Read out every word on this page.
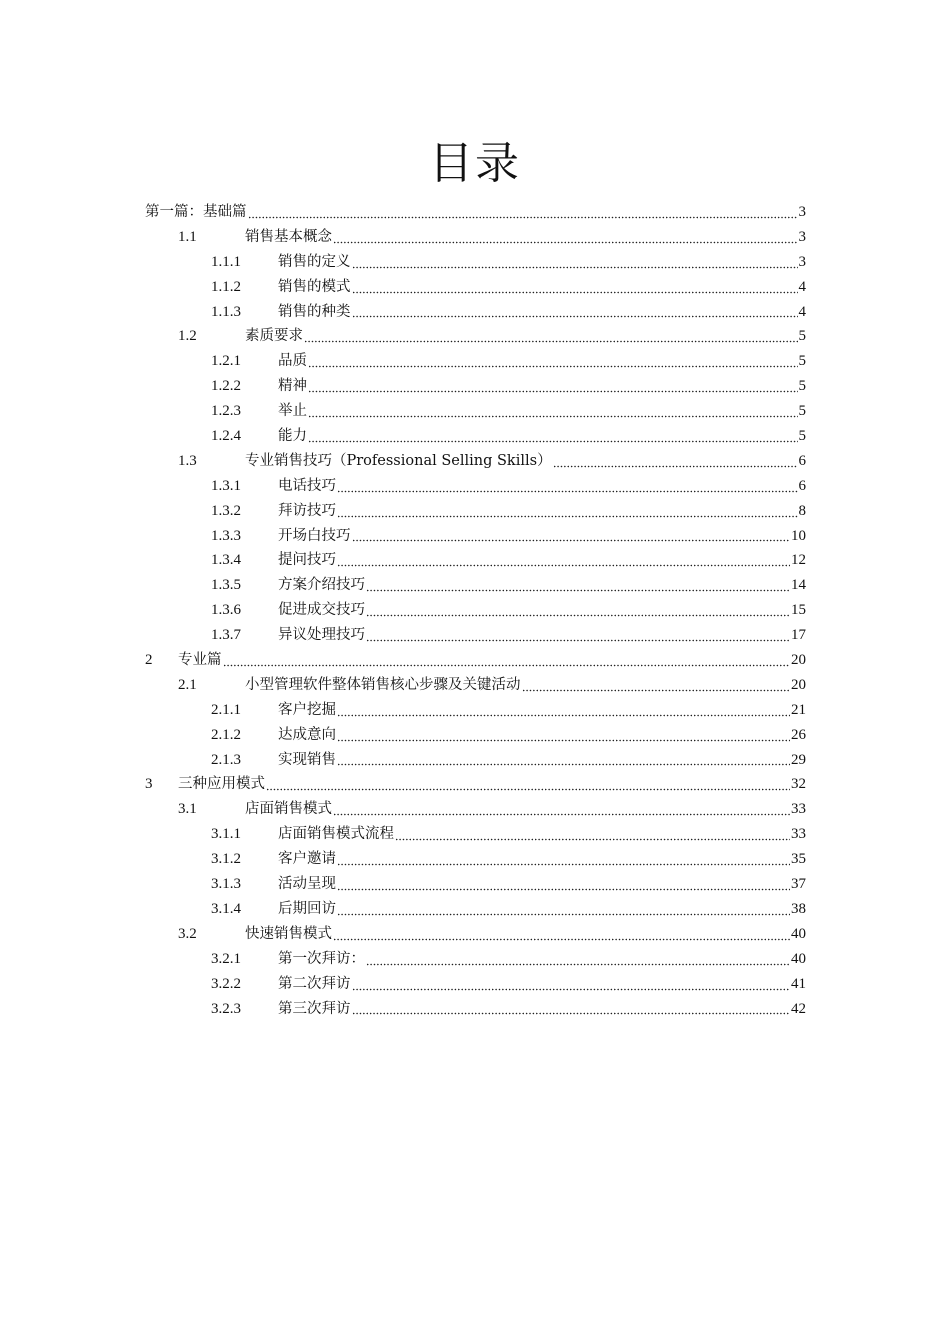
目录
第一篇：基础篇	3
1.1	销售基本概念	3
1.1.1	销售的定义	3
1.1.2	销售的模式	4
1.1.3	销售的种类	4
1.2	素质要求	5
1.2.1	品质	5
1.2.2	精神	5
1.2.3	举止	5
1.2.4	能力	5
1.3	专业销售技巧（Professional Selling Skills）	6
1.3.1	电话技巧	6
1.3.2	拜访技巧	8
1.3.3	开场白技巧	10
1.3.4	提问技巧	12
1.3.5	方案介绍技巧	14
1.3.6	促进成交技巧	15
1.3.7	异议处理技巧	17
2	专业篇	20
2.1	小型管理软件整体销售核心步骤及关键活动	20
2.1.1	客户挖掘	21
2.1.2	达成意向	26
2.1.3	实现销售	29
3	三种应用模式	32
3.1	店面销售模式	33
3.1.1	店面销售模式流程	33
3.1.2	客户邀请	35
3.1.3	活动呈现	37
3.1.4	后期回访	38
3.2	快速销售模式	40
3.2.1	第一次拜访：	40
3.2.2	第二次拜访	41
3.2.3	第三次拜访	42
